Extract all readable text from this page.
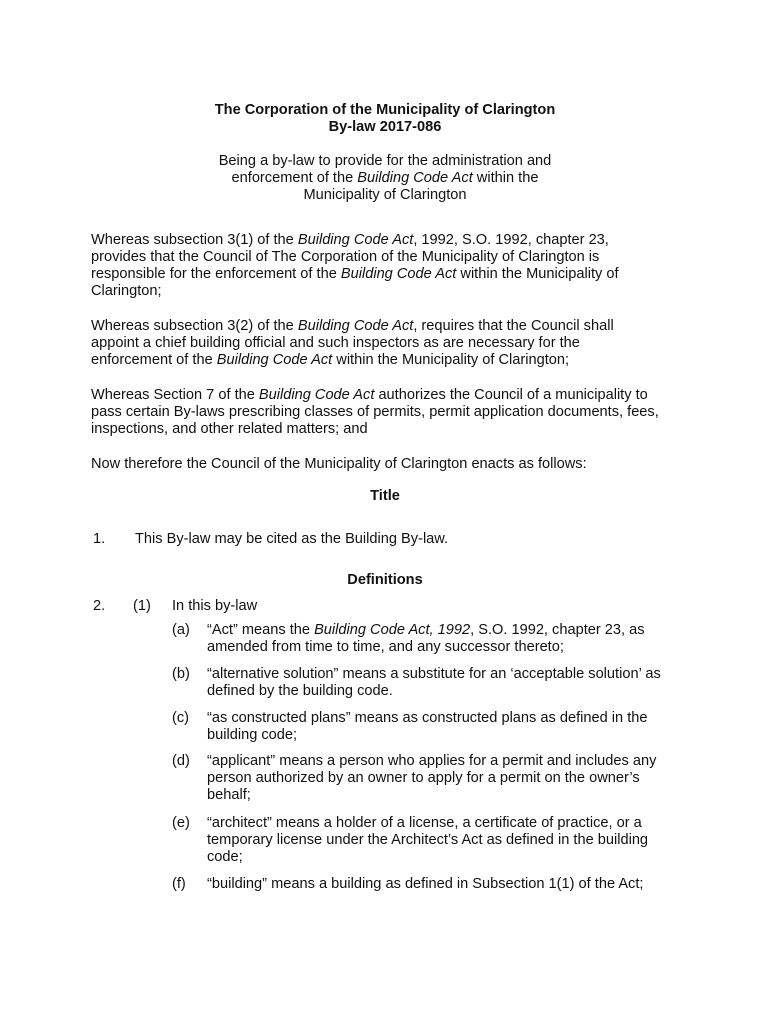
The Corporation of the Municipality of Clarington
By-law 2017-086
Being a by-law to provide for the administration and
enforcement of the Building Code Act within the
Municipality of Clarington
Whereas subsection 3(1) of the Building Code Act, 1992, S.O. 1992, chapter 23,
provides that the Council of The Corporation of the Municipality of Clarington is
responsible for the enforcement of the Building Code Act within the Municipality of
Clarington;
Whereas subsection 3(2) of the Building Code Act, requires that the Council shall
appoint a chief building official and such inspectors as are necessary for the
enforcement of the Building Code Act within the Municipality of Clarington;
Whereas Section 7 of the Building Code Act authorizes the Council of a municipality to
pass certain By-laws prescribing classes of permits, permit application documents, fees,
inspections, and other related matters; and
Now therefore the Council of the Municipality of Clarington enacts as follows:
Title
1. This By-law may be cited as the Building By-law.
Definitions
2. (1) In this by-law
(a) “Act” means the Building Code Act, 1992, S.O. 1992, chapter 23, as
amended from time to time, and any successor thereto;
(b) “alternative solution” means a substitute for an ‘acceptable solution’ as
defined by the building code.
(c) “as constructed plans” means as constructed plans as defined in the
building code;
(d) “applicant” means a person who applies for a permit and includes any
person authorized by an owner to apply for a permit on the owner’s
behalf;
(e) “architect” means a holder of a license, a certificate of practice, or a
temporary license under the Architect’s Act as defined in the building
code;
(f) “building” means a building as defined in Subsection 1(1) of the Act;
